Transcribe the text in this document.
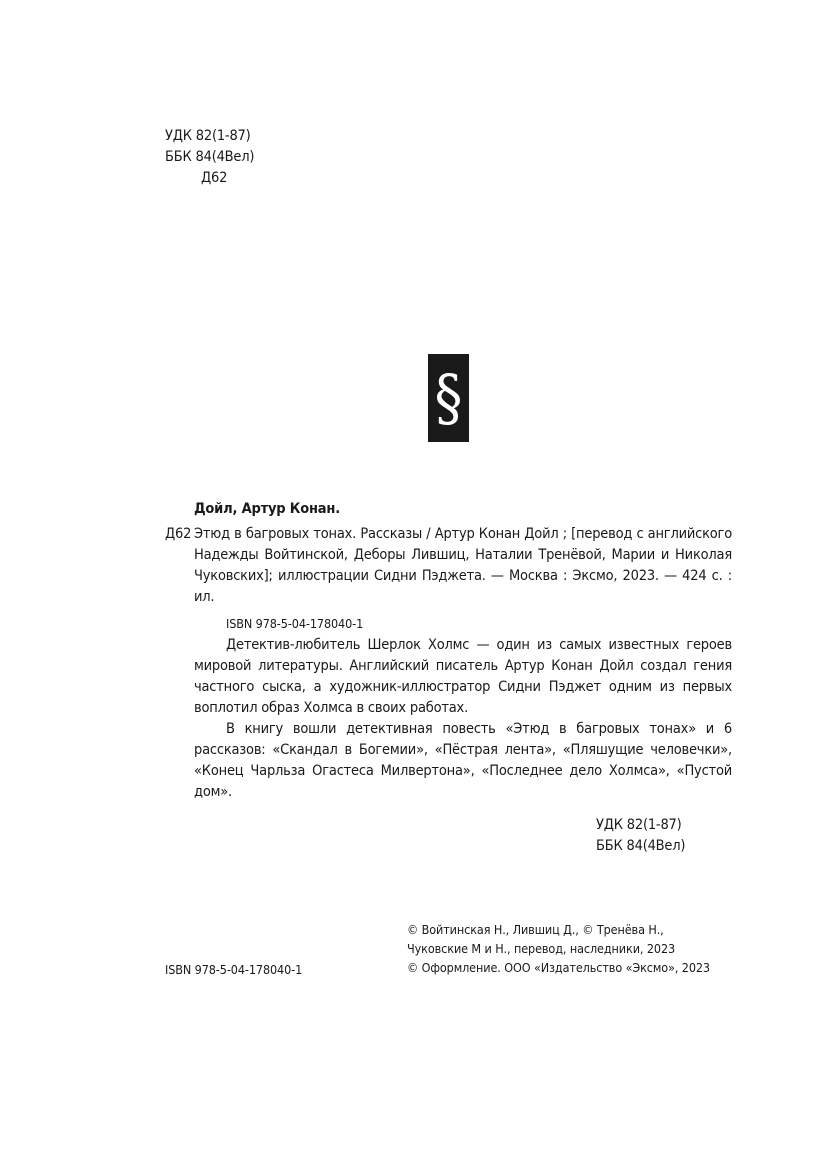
УДК 82(1-87)
ББК 84(4Вел)
Д62
§
Дойл, Артур Конан.
Д62 Этюд в багровых тонах. Рассказы / Артур Конан Дойл ; [перевод с английского Надежды Войтинской, Деборы Лившиц, Наталии Тренёвой, Марии и Николая Чуковских]; иллюстрации Сидни Пэджета. — Москва : Эксмо, 2023. — 424 с. : ил.
ISBN 978-5-04-178040-1

Детектив-любитель Шерлок Холмс — один из самых известных героев мировой литературы. Английский писатель Артур Конан Дойл создал гения частного сыска, а художник-иллюстратор Сидни Пэджет одним из первых воплотил образ Холмса в своих работах.

В книгу вошли детективная повесть «Этюд в багровых тонах» и 6 рассказов: «Скандал в Богемии», «Пёстрая лента», «Пляшущие человечки», «Конец Чарльза Огастеса Милвертона», «Последнее дело Холмса», «Пустой дом».

УДК 82(1-87)
ББК 84(4Вел)
© Войтинская Н., Лившиц Д., © Тренёва Н.,
Чуковские М и Н., перевод, наследники, 2023
© Оформление. ООО «Издательство «Эксмо», 2023
ISBN 978-5-04-178040-1
